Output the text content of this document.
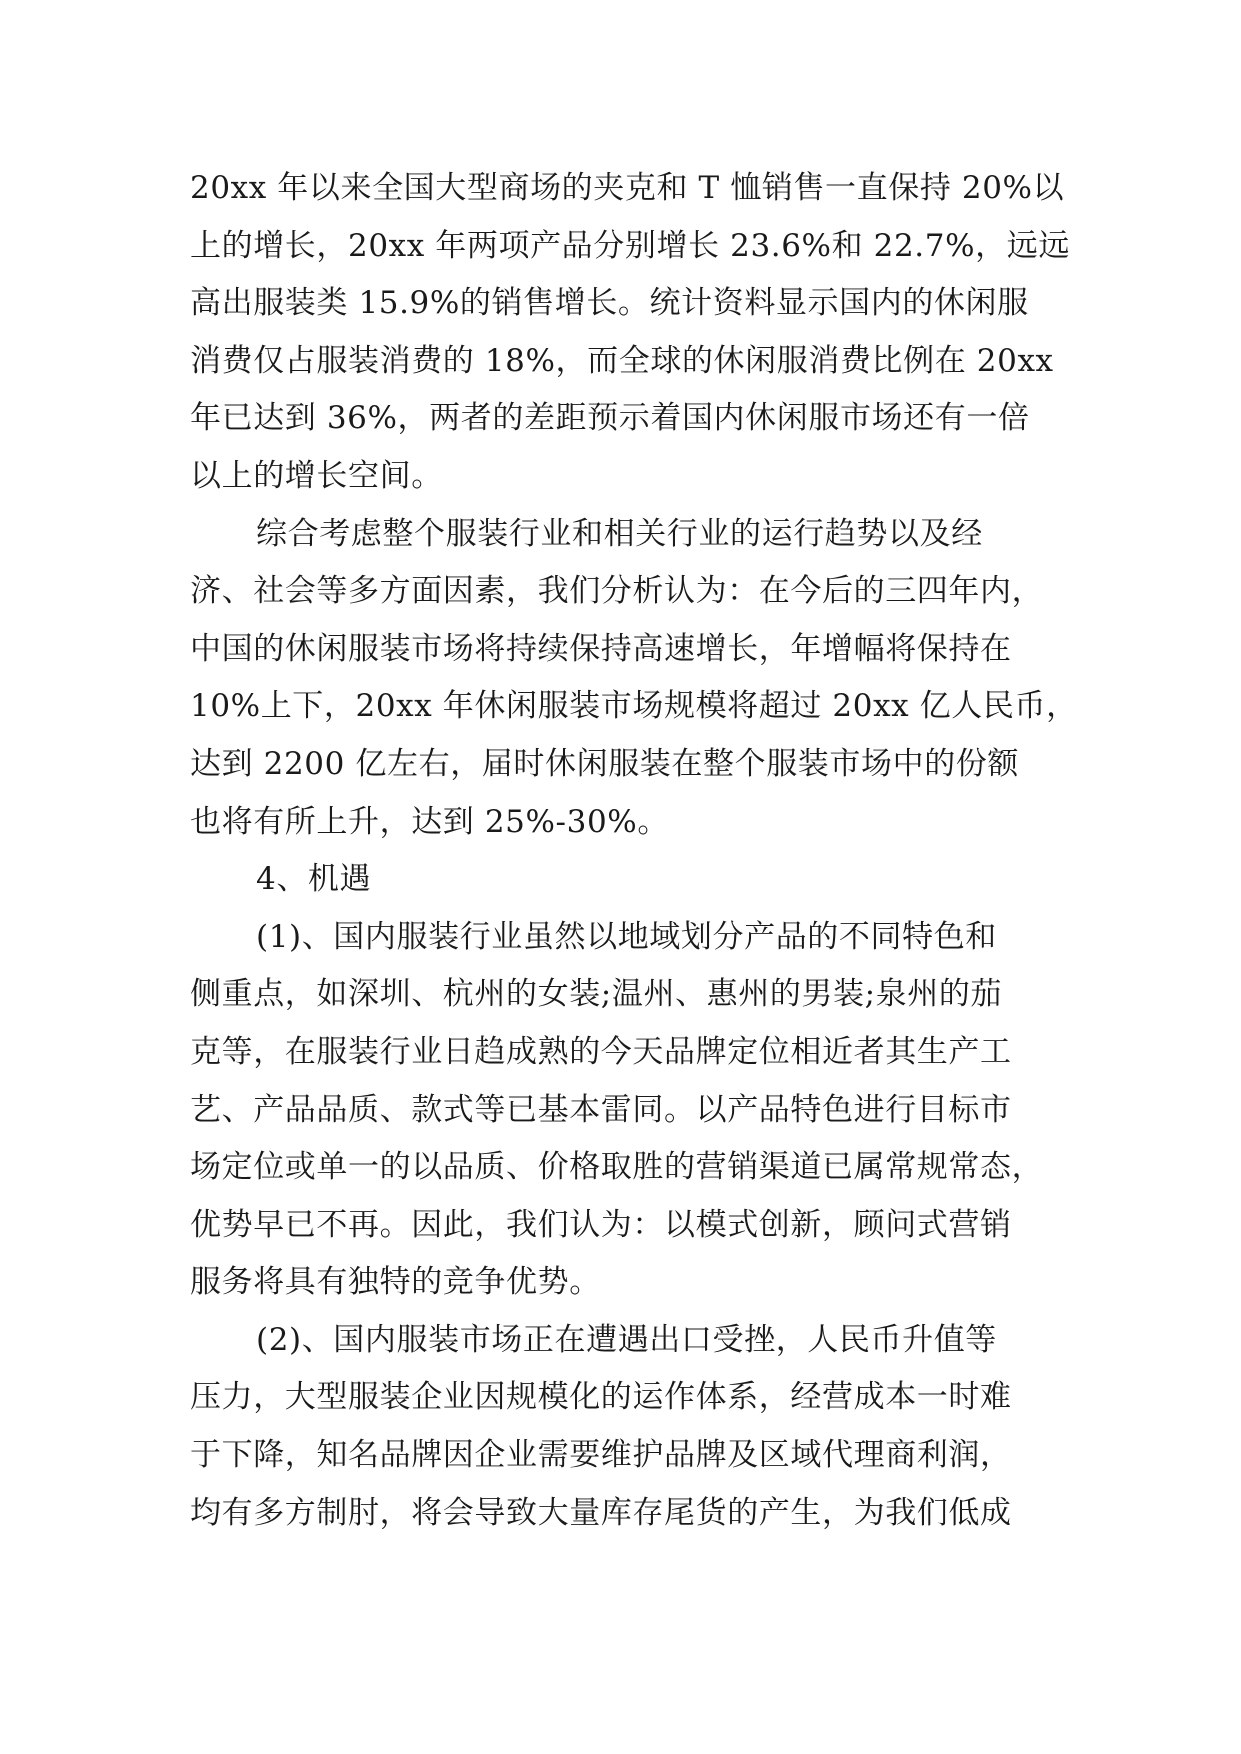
20xx 年以来全国大型商场的夹克和 T 恤销售一直保持 20%以
上的增长，20xx 年两项产品分别增长 23.6%和 22.7%，远远
高出服装类 15.9%的销售增长。统计资料显示国内的休闲服
消费仅占服装消费的 18%，而全球的休闲服消费比例在 20xx
年已达到 36%，两者的差距预示着国内休闲服市场还有一倍
以上的增长空间。
综合考虑整个服装行业和相关行业的运行趋势以及经
济、社会等多方面因素，我们分析认为：在今后的三四年内，
中国的休闲服装市场将持续保持高速增长，年增幅将保持在
10%上下，20xx 年休闲服装市场规模将超过 20xx 亿人民币，
达到 2200 亿左右，届时休闲服装在整个服装市场中的份额
也将有所上升，达到 25%-30%。
4、机遇
(1)、国内服装行业虽然以地域划分产品的不同特色和
侧重点，如深圳、杭州的女装;温州、惠州的男装;泉州的茄
克等，在服装行业日趋成熟的今天品牌定位相近者其生产工
艺、产品品质、款式等已基本雷同。以产品特色进行目标市
场定位或单一的以品质、价格取胜的营销渠道已属常规常态，
优势早已不再。因此，我们认为：以模式创新，顾问式营销
服务将具有独特的竞争优势。
(2)、国内服装市场正在遭遇出口受挫，人民币升值等
压力，大型服装企业因规模化的运作体系，经营成本一时难
于下降，知名品牌因企业需要维护品牌及区域代理商利润，
均有多方制肘，将会导致大量库存尾货的产生，为我们低成
